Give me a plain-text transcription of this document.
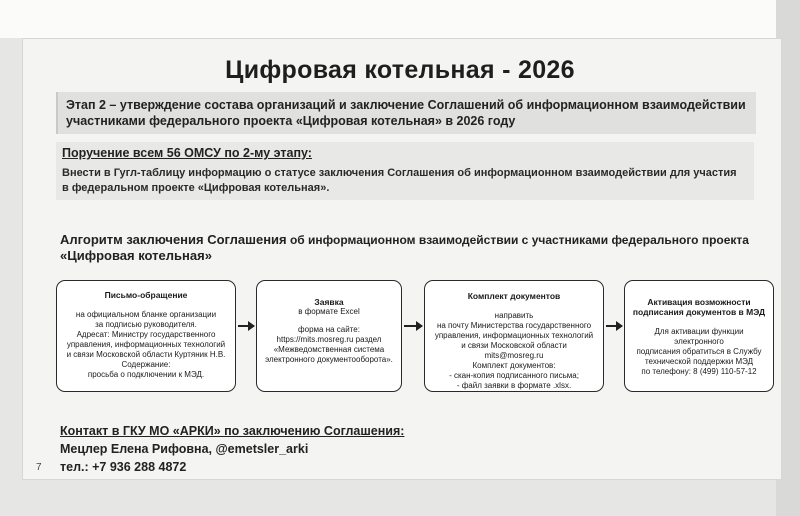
Цифровая котельная - 2026
Этап 2 – утверждение состава организаций и заключение Соглашений об информационном взаимодействии
участниками федерального проекта «Цифровая котельная» в 2026 году
Поручение всем 56 ОМСУ по 2-му этапу:
Внести в Гугл-таблицу информацию о статусе заключения Соглашения об информационном взаимодействии для участия
в федеральном проекте «Цифровая котельная».
Алгоритм заключения Соглашения об информационном взаимодействии с участниками федерального проекта
«Цифровая котельная»
Письмо-обращение
на официальном бланке организации
за подписью руководителя.
Адресат: Министру государственного
управления, информационных технологий
и связи Московской области Куртяник Н.В.
Содержание:
просьба о подключении к МЭД.
Заявка
в формате Excel
форма на сайте:
https://mits.mosreg.ru раздел
«Межведомственная система
электронного документооборота».
Комплект документов
направить
на почту Министерства государственного
управления, информационных технологий
и связи Московской области mits@mosreg.ru
Комплект документов:
- скан-копия подписанного письма;
- файл заявки в формате .xlsx.
Активация возможности
подписания документов в МЭД
Для активации функции электронного
подписания обратиться в Службу
технической поддержки МЭД
по телефону: 8 (499) 110-57-12
Контакт в ГКУ МО «АРКИ» по заключению Соглашения:
Мецлер Елена Рифовна, @emetsler_arki
тел.: +7 936 288 4872
7
